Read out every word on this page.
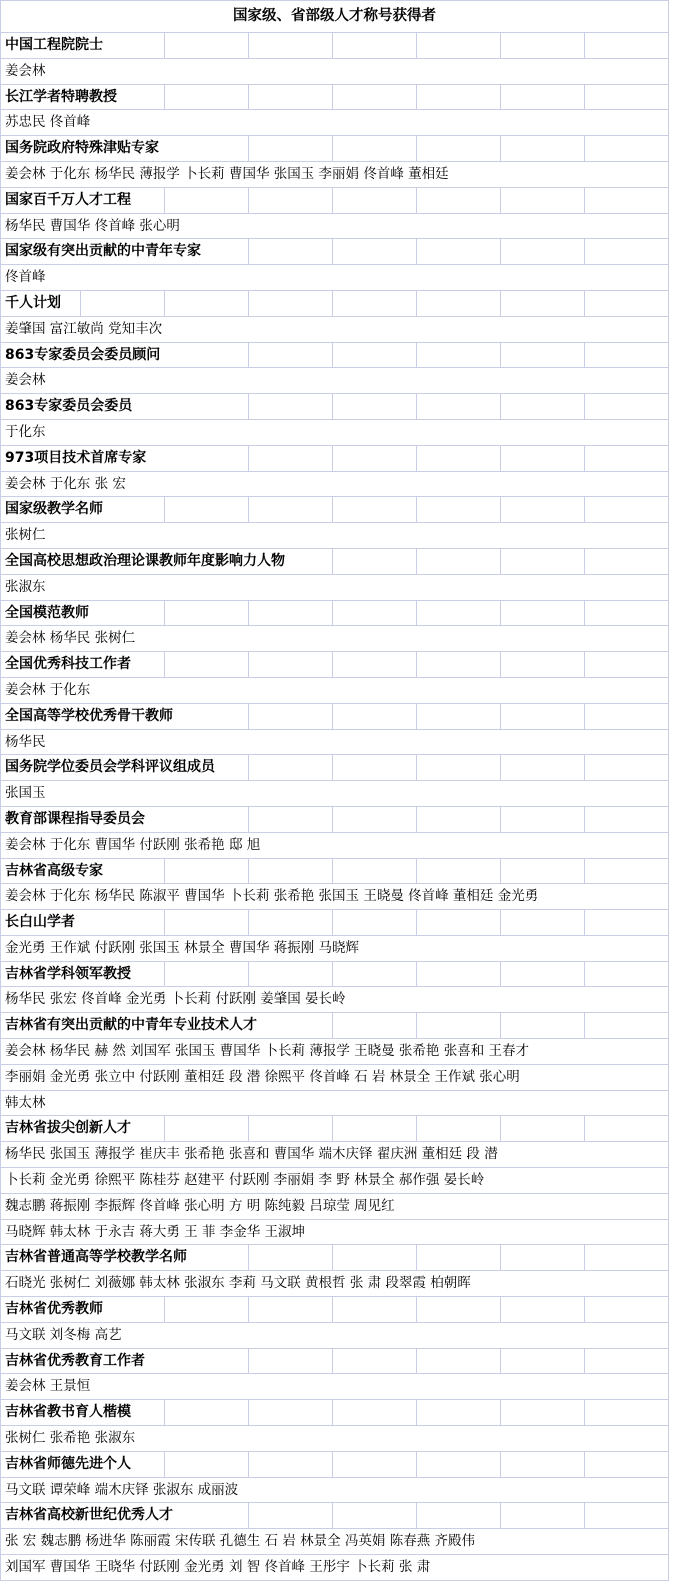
国家级、省部级人才称号获得者							
中国工程院院士							
姜会林							
长江学者特聘教授							
苏忠民 佟首峰							
国务院政府特殊津贴专家							
姜会林 于化东 杨华民 薄报学 卜长莉 曹国华 张国玉 李丽娟 佟首峰 董相廷							
国家百千万人才工程							
杨华民 曹国华 佟首峰 张心明							
国家级有突出贡献的中青年专家							
佟首峰							
千人计划							
姜肇国 富江敏尚 党知丰次							
863专家委员会委员顾问							
姜会林							
863专家委员会委员							
于化东							
973项目技术首席专家							
姜会林 于化东 张 宏							
国家级教学名师							
张树仁							
全国高校思想政治理论课教师年度影响力人物							
张淑东							
全国模范教师							
姜会林 杨华民 张树仁							
全国优秀科技工作者							
姜会林 于化东							
全国高等学校优秀骨干教师							
杨华民							
国务院学位委员会学科评议组成员							
张国玉							
教育部课程指导委员会							
姜会林 于化东 曹国华 付跃刚 张希艳 邸 旭							
吉林省高级专家							
姜会林 于化东 杨华民 陈淑平 曹国华 卜长莉 张希艳 张国玉 王晓曼 佟首峰 董相廷 金光勇							
长白山学者							
金光勇 王作斌 付跃刚 张国玉 林景全 曹国华 蒋振刚 马晓辉							
吉林省学科领军教授							
杨华民 张宏 佟首峰 金光勇 卜长莉 付跃刚 姜肇国 晏长岭							
吉林省有突出贡献的中青年专业技术人才							
姜会林 杨华民 赫 然 刘国军 张国玉 曹国华 卜长莉 薄报学 王晓曼 张希艳 张喜和 王春才							
李丽娟 金光勇 张立中 付跃刚 董相廷 段 潜 徐熙平 佟首峰 石 岩 林景全 王作斌 张心明							
韩太林							
吉林省拔尖创新人才							
杨华民 张国玉 薄报学 崔庆丰 张希艳 张喜和 曹国华 端木庆铎 翟庆洲 董相廷 段 潜							
卜长莉 金光勇 徐熙平 陈桂芬 赵建平 付跃刚 李丽娟 李 野 林景全 郝作强 晏长岭							
魏志鹏 蒋振刚 李振辉 佟首峰 张心明 方 明 陈纯毅 吕琼莹 周见红							
马晓辉 韩太林 于永吉 蒋大勇 王 菲 李金华 王淑坤							
吉林省普通高等学校教学名师							
石晓光 张树仁 刘薇娜 韩太林 张淑东 李莉 马文联 黄根哲 张 肃 段翠霞 柏朝晖							
吉林省优秀教师							
马文联 刘冬梅 高艺							
吉林省优秀教育工作者							
姜会林 王景恒							
吉林省教书育人楷模							
张树仁 张希艳 张淑东							
吉林省师德先进个人							
马文联 谭荣峰 端木庆铎 张淑东 成丽波							
吉林省高校新世纪优秀人才							
张 宏 魏志鹏 杨进华 陈丽霞 宋传联 孔德生 石 岩 林景全 冯英娟 陈春燕 齐殿伟							
刘国军 曹国华 王晓华 付跃刚 金光勇 刘 智 佟首峰 王彤宇 卜长莉 张 肃							
